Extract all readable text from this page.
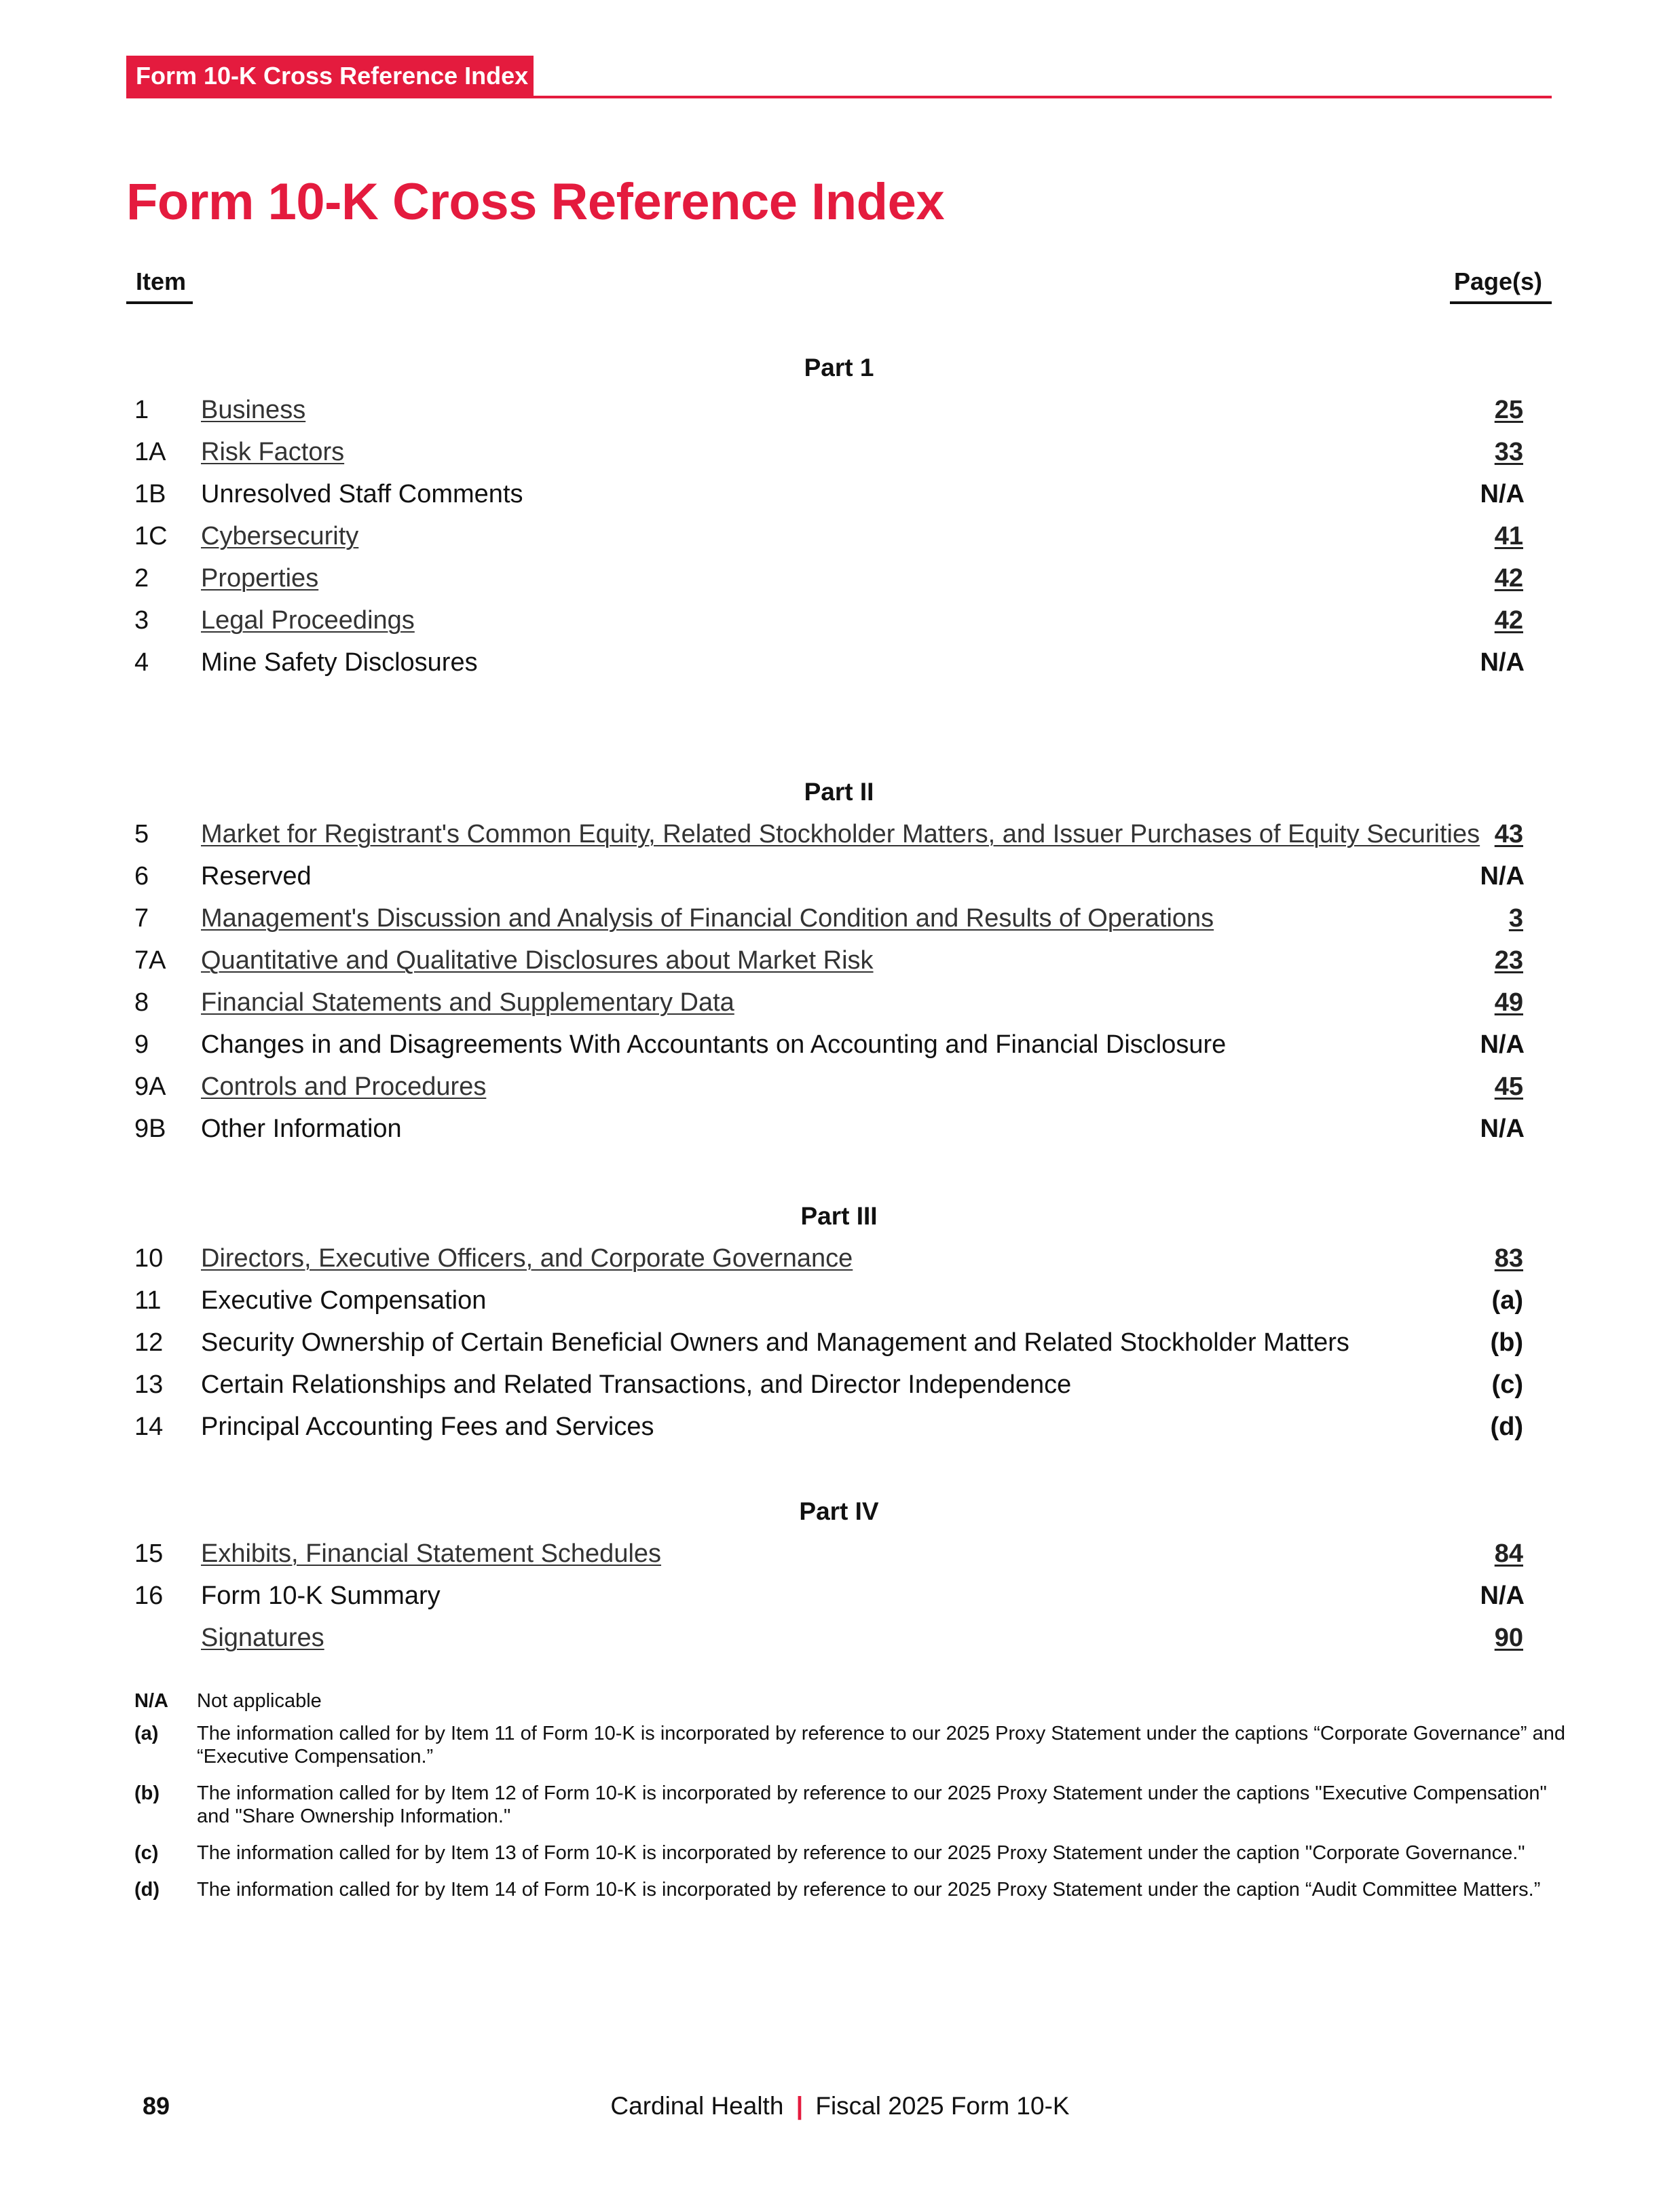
Form 10-K Cross Reference Index
Form 10-K Cross Reference Index
Item	Page(s)
Part 1
1 Business	25
1A Risk Factors	33
1B Unresolved Staff Comments	N/A
1C Cybersecurity	41
2 Properties	42
3 Legal Proceedings	42
4 Mine Safety Disclosures	N/A
Part II
5 Market for Registrant's Common Equity, Related Stockholder Matters, and Issuer Purchases of Equity Securities 43
6 Reserved	N/A
7 Management's Discussion and Analysis of Financial Condition and Results of Operations	3
7A Quantitative and Qualitative Disclosures about Market Risk	23
8 Financial Statements and Supplementary Data	49
9 Changes in and Disagreements With Accountants on Accounting and Financial Disclosure	N/A
9A Controls and Procedures	45
9B Other Information	N/A
Part III
10 Directors, Executive Officers, and Corporate Governance	83
11 Executive Compensation	(a)
12 Security Ownership of Certain Beneficial Owners and Management and Related Stockholder Matters	(b)
13 Certain Relationships and Related Transactions, and Director Independence	(c)
14 Principal Accounting Fees and Services	(d)
Part IV
15 Exhibits, Financial Statement Schedules	84
16 Form 10-K Summary	N/A
Signatures	90
N/A Not applicable
(a) The information called for by Item 11 of Form 10-K is incorporated by reference to our 2025 Proxy Statement under the captions “Corporate Governance” and “Executive Compensation.”
(b) The information called for by Item 12 of Form 10-K is incorporated by reference to our 2025 Proxy Statement under the captions "Executive Compensation" and "Share Ownership Information."
(c) The information called for by Item 13 of Form 10-K is incorporated by reference to our 2025 Proxy Statement under the caption "Corporate Governance."
(d) The information called for by Item 14 of Form 10-K is incorporated by reference to our 2025 Proxy Statement under the caption “Audit Committee Matters.”
89	Cardinal Health | Fiscal 2025 Form 10-K
